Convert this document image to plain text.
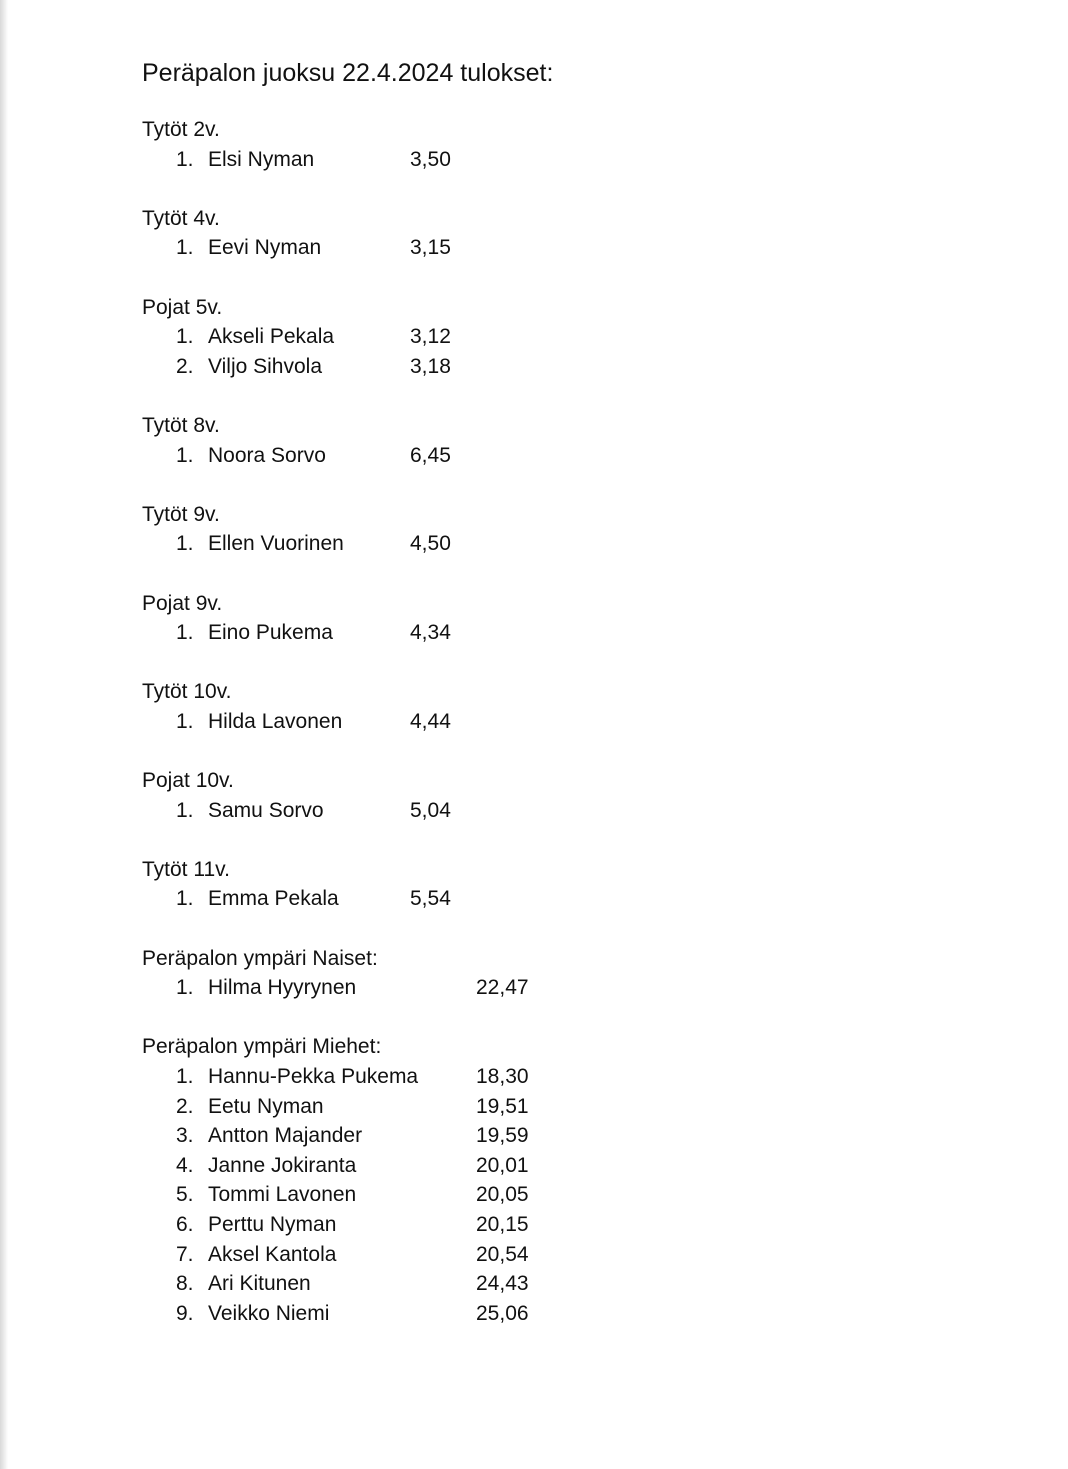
Peräpalon juoksu 22.4.2024 tulokset:
Tytöt 2v.
1. Elsi Nyman	3,50
Tytöt 4v.
1. Eevi Nyman	3,15
Pojat 5v.
1. Akseli Pekala	3,12
2. Viljo Sihvola	3,18
Tytöt 8v.
1. Noora Sorvo	6,45
Tytöt 9v.
1. Ellen Vuorinen	4,50
Pojat 9v.
1. Eino Pukema	4,34
Tytöt 10v.
1. Hilda Lavonen	4,44
Pojat 10v.
1. Samu Sorvo	5,04
Tytöt 11v.
1. Emma Pekala	5,54
Peräpalon ympäri Naiset:
1. Hilma Hyyrynen	22,47
Peräpalon ympäri Miehet:
1. Hannu-Pekka Pukema	18,30
2. Eetu Nyman	19,51
3. Antton Majander	19,59
4. Janne Jokiranta	20,01
5. Tommi Lavonen	20,05
6. Perttu Nyman	20,15
7. Aksel Kantola	20,54
8. Ari Kitunen	24,43
9. Veikko Niemi	25,06
